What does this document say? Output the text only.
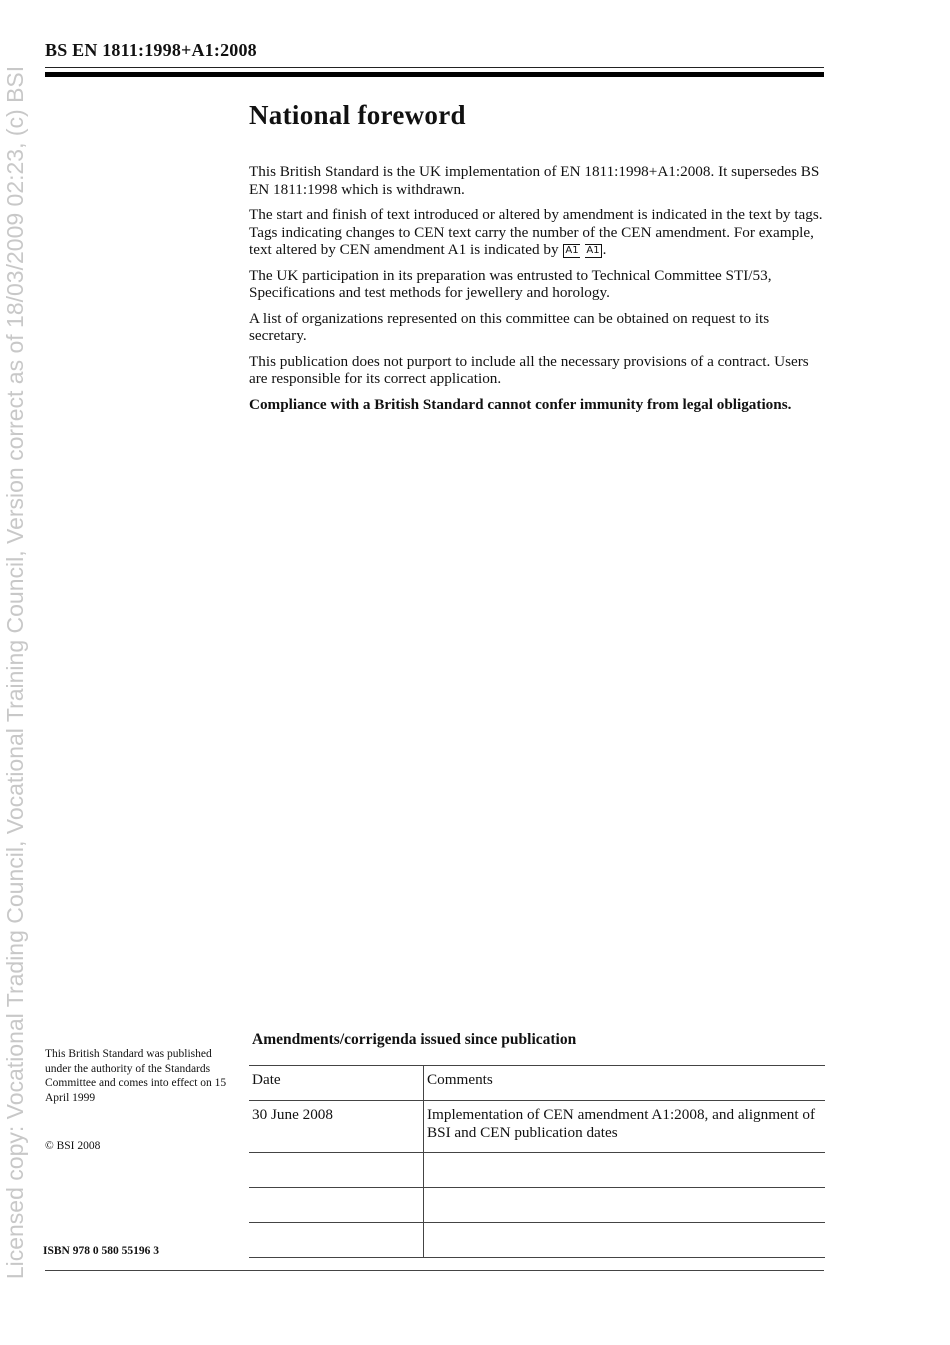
Licensed copy: Vocational Trading Council, Vocational Training Council, Version correct as of 18/03/2009 02:23, (c) BSI
BS EN 1811:1998+A1:2008
National foreword

This British Standard is the UK implementation of EN 1811:1998+A1:2008. It supersedes BS EN 1811:1998 which is withdrawn.

The start and finish of text introduced or altered by amendment is indicated in the text by tags. Tags indicating changes to CEN text carry the number of the CEN amendment. For example, text altered by CEN amendment A1 is indicated by A1 A1 .

The UK participation in its preparation was entrusted to Technical Committee STI/53, Specifications and test methods for jewellery and horology.

A list of organizations represented on this committee can be obtained on request to its secretary.

This publication does not purport to include all the necessary provisions of a contract. Users are responsible for its correct application.

Compliance with a British Standard cannot confer immunity from legal obligations.

This British Standard was published under the authority of the Standards Committee and comes into effect on 15 April 1999
© BSI 2008
ISBN 978 0 580 55196 3
Amendments/corrigenda issued since publication
Date	Comments
30 June 2008	Implementation of CEN amendment A1:2008, and alignment of BSI and CEN publication dates
